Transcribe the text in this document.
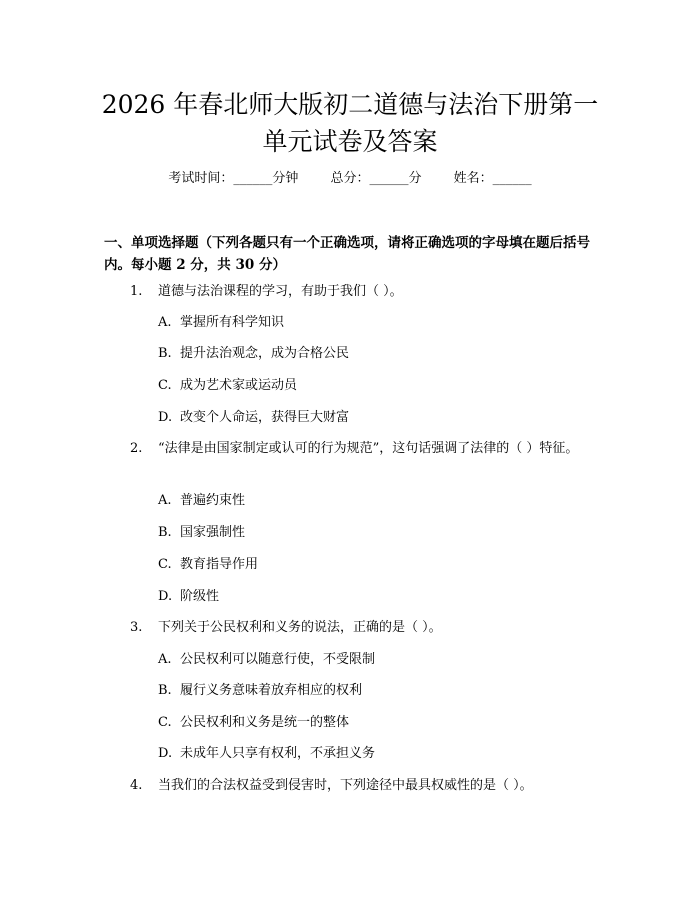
2026 年春北师大版初二道德与法治下册第一
单元试卷及答案
考试时间：______分钟 总分：______分 姓名：______

一、单项选择题（下列各题只有一个正确选项，请将正确选项的字母填在题后括号内。每小题 2 分，共 30 分）

1.	道德与法治课程的学习，有助于我们（ ）。
A. 掌握所有科学知识
B. 提升法治观念，成为合格公民
C. 成为艺术家或运动员
D. 改变个人命运，获得巨大财富
2.	“法律是由国家制定或认可的行为规范”，这句话强调了法律的（ ）特征。
A. 普遍约束性
B. 国家强制性
C. 教育指导作用
D. 阶级性
3.	下列关于公民权利和义务的说法，正确的是（ ）。
A. 公民权利可以随意行使，不受限制
B. 履行义务意味着放弃相应的权利
C. 公民权利和义务是统一的整体
D. 未成年人只享有权利，不承担义务
4.	当我们的合法权益受到侵害时，下列途径中最具权威性的是（ ）。
